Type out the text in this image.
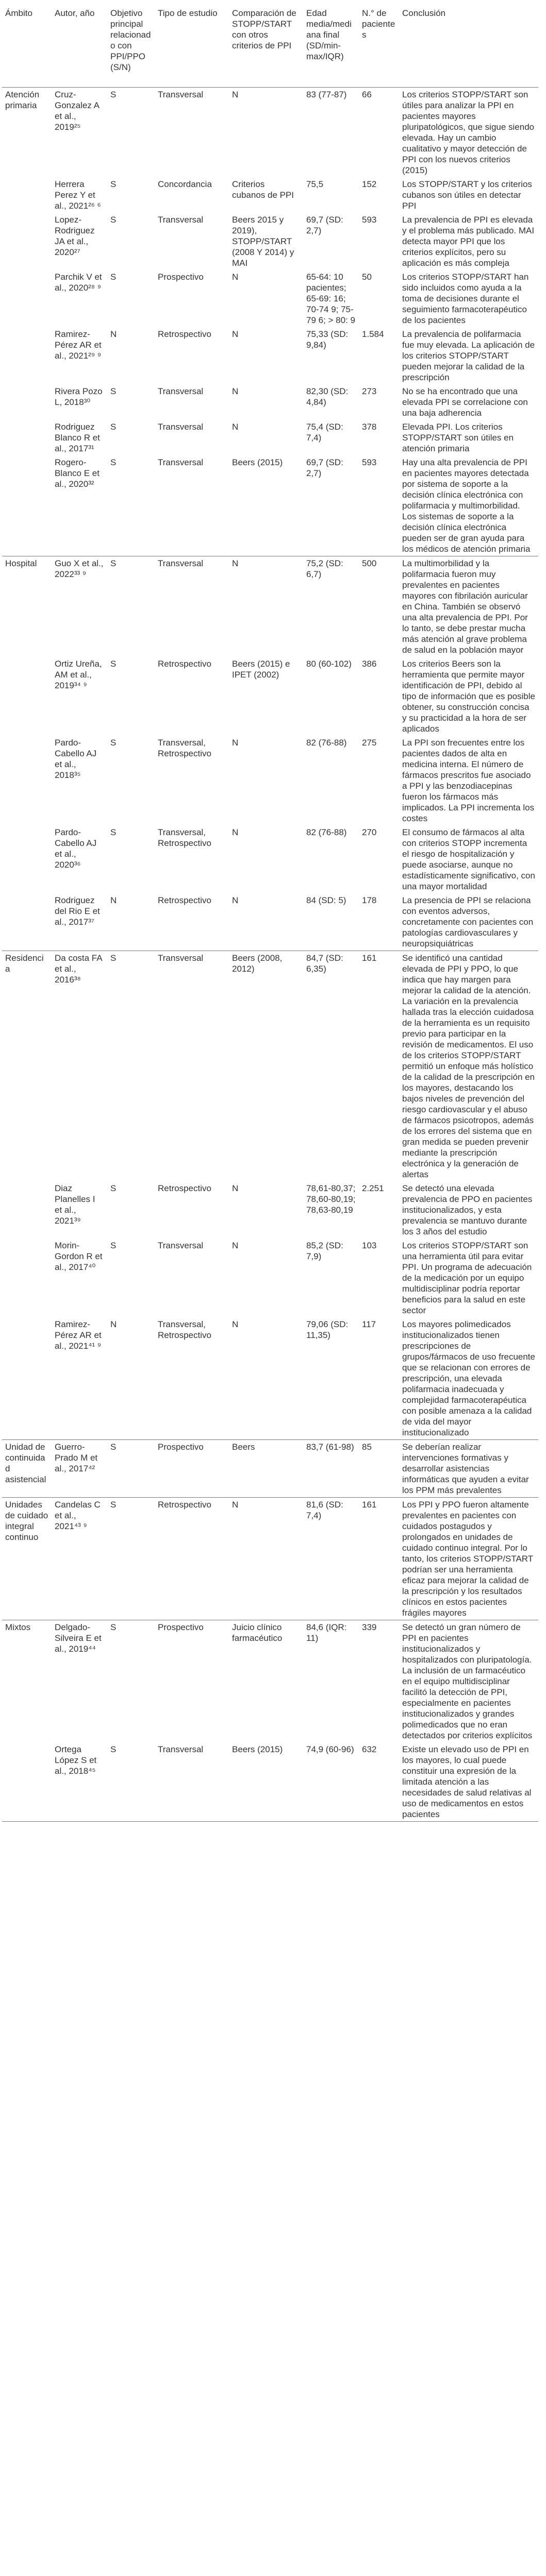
Ámbito	Autor, año	Objetivo principal relacionado con PPI/PPO (S/N)	Tipo de estudio	Comparación de STOPP/START con otros criterios de PPI	Edad media/mediana final (SD/min-max/IQR)	N.° de pacientes	Conclusión
Atención primaria	Cruz-Gonzalez A et al., 2019²⁵	S	Transversal	N	83 (77-87)	66	Los criterios STOPP/START son útiles para analizar la PPI en pacientes mayores pluripatológicos, que sigue siendo elevada. Hay un cambio cualitativo y mayor detección de PPI con los nuevos criterios (2015)
	Herrera Perez Y et al., 2021²⁶ ⁶	S	Concordancia	Criterios cubanos de PPI	75,5	152	Los STOPP/START y los criterios cubanos son útiles en detectar PPI
	Lopez-Rodriguez JA et al., 2020²⁷	S	Transversal	Beers 2015 y 2019), STOPP/START (2008 Y 2014) y MAI	69,7 (SD: 2,7)	593	La prevalencia de PPI es elevada y el problema más publicado. MAI detecta mayor PPI que los criterios explícitos, pero su aplicación es más compleja
	Parchik V et al., 2020²⁸ ⁹	S	Prospectivo	N	65-64: 10 pacientes; 65-69: 16; 70-74 9; 75-79 6; > 80: 9	50	Los criterios STOPP/START han sido incluidos como ayuda a la toma de decisiones durante el seguimiento farmacoterapéutico de los pacientes
	Ramirez-Pérez AR et al., 2021²⁹ ⁹	N	Retrospectivo	N	75,33 (SD: 9,84)	1.584	La prevalencia de polifarmacia fue muy elevada. La aplicación de los criterios STOPP/START pueden mejorar la calidad de la prescripción
	Rivera Pozo L, 2018³⁰	S	Transversal	N	82,30 (SD: 4,84)	273	No se ha encontrado que una elevada PPI se correlacione con una baja adherencia
	Rodriguez Blanco R et al., 2017³¹	S	Transversal	N	75,4 (SD: 7,4)	378	Elevada PPI. Los criterios STOPP/START son útiles en atención primaria
	Rogero-Blanco E et al., 2020³²	S	Transversal	Beers (2015)	69,7 (SD: 2,7)	593	Hay una alta prevalencia de PPI en pacientes mayores detectada por sistema de soporte a la decisión clínica electrónica con polifarmacia y multimorbilidad. Los sistemas de soporte a la decisión clínica electrónica pueden ser de gran ayuda para los médicos de atención primaria
Hospital	Guo X et al., 2022³³ ⁹	S	Transversal	N	75,2 (SD: 6,7)	500	La multimorbilidad y la polifarmacia fueron muy prevalentes en pacientes mayores con fibrilación auricular en China. También se observó una alta prevalencia de PPI. Por lo tanto, se debe prestar mucha más atención al grave problema de salud en la población mayor
	Ortiz Ureña, AM et al., 2019³⁴ ⁹	S	Retrospectivo	Beers (2015) e IPET (2002)	80 (60-102)	386	Los criterios Beers son la herramienta que permite mayor identificación de PPI, debido al tipo de información que es posible obtener, su construcción concisa y su practicidad a la hora de ser aplicados
	Pardo-Cabello AJ et al., 2018³⁵	S	Transversal, Retrospectivo	N	82 (76-88)	275	La PPI son frecuentes entre los pacientes dados de alta en medicina interna. El número de fármacos prescritos fue asociado a PPI y las benzodiacepinas fueron los fármacos más implicados. La PPI incrementa los costes
	Pardo-Cabello AJ et al., 2020³⁶	S	Transversal, Retrospectivo	N	82 (76-88)	270	El consumo de fármacos al alta con criterios STOPP incrementa el riesgo de hospitalización y puede asociarse, aunque no estadísticamente significativo, con una mayor mortalidad
	Rodriguez del Rio E et al., 2017³⁷	N	Retrospectivo	N	84 (SD: 5)	178	La presencia de PPI se relaciona con eventos adversos, concretamente con pacientes con patologías cardiovasculares y neuropsiquiátricas
Residencia	Da costa FA et al., 2016³⁸	S	Transversal	Beers (2008, 2012)	84,7 (SD: 6,35)	161	Se identificó una cantidad elevada de PPI y PPO, lo que indica que hay margen para mejorar la calidad de la atención. La variación en la prevalencia hallada tras la elección cuidadosa de la herramienta es un requisito previo para participar en la revisión de medicamentos. El uso de los criterios STOPP/START permitió un enfoque más holístico de la calidad de la prescripción en los mayores, destacando los bajos niveles de prevención del riesgo cardiovascular y el abuso de fármacos psicotropos, además de los errores del sistema que en gran medida se pueden prevenir mediante la prescripción electrónica y la generación de alertas
	Diaz Planelles I et al., 2021³⁹	S	Retrospectivo	N	78,61-80,37; 78,60-80,19; 78,63-80,19	2.251	Se detectó una elevada prevalencia de PPO en pacientes institucionalizados, y esta prevalencia se mantuvo durante los 3 años del estudio
	Morin-Gordon R et al., 2017⁴⁰	S	Transversal	N	85,2 (SD: 7,9)	103	Los criterios STOPP/START son una herramienta útil para evitar PPI. Un programa de adecuación de la medicación por un equipo multidisciplinar podría reportar beneficios para la salud en este sector
	Ramirez-Pérez AR et al., 2021⁴¹ ⁹	N	Transversal, Retrospectivo	N	79,06 (SD: 11,35)	117	Los mayores polimedicados institucionalizados tienen prescripciones de grupos/fármacos de uso frecuente que se relacionan con errores de prescripción, una elevada polifarmacia inadecuada y complejidad farmacoterapéutica con posible amenaza a la calidad de vida del mayor institucionalizado
Unidad de continuidad asistencial	Guerro-Prado M et al., 2017⁴²	S	Prospectivo	Beers	83,7 (61-98)	85	Se deberían realizar intervenciones formativas y desarrollar asistencias informáticas que ayuden a evitar los PPM más prevalentes
Unidades de cuidado integral continuo	Candelas C et al., 2021⁴³ ⁹	S	Retrospectivo	N	81,6 (SD: 7,4)	161	Los PPI y PPO fueron altamente prevalentes en pacientes con cuidados postagudos y prolongados en unidades de cuidado continuo integral. Por lo tanto, los criterios STOPP/START podrían ser una herramienta eficaz para mejorar la calidad de la prescripción y los resultados clínicos en estos pacientes frágiles mayores
Mixtos	Delgado-Silveira E et al., 2019⁴⁴	S	Prospectivo	Juicio clínico farmacéutico	84,6 (IQR: 11)	339	Se detectó un gran número de PPI en pacientes institucionalizados y hospitalizados con pluripatología. La inclusión de un farmacéutico en el equipo multidisciplinar facilitó la detección de PPI, especialmente en pacientes institucionalizados y grandes polimedicados que no eran detectados por criterios explícitos
	Ortega López S et al., 2018⁴⁵	S	Transversal	Beers (2015)	74,9 (60-96)	632	Existe un elevado uso de PPI en los mayores, lo cual puede constituir una expresión de la limitada atención a las necesidades de salud relativas al uso de medicamentos en estos pacientes
